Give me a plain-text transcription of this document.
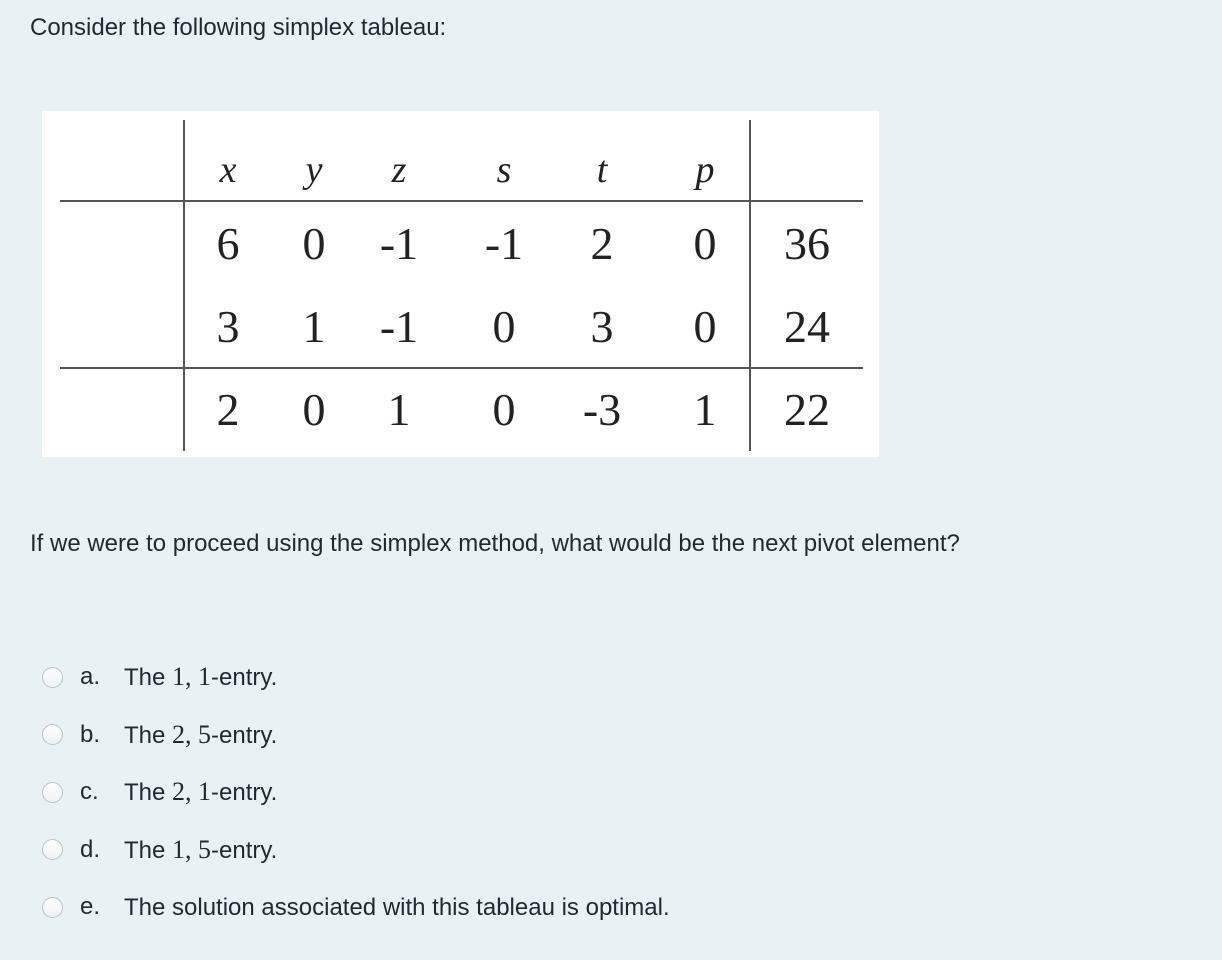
Consider the following simplex tableau:
x y z s t p
6 0 -1 -1 2 0 36
3 1 -1 0 3 0 24
2 0 1 0 -3 1 22

If we were to proceed using the simplex method, what would be the next pivot element?

a. The 1, 1-entry.
b. The 2, 5-entry.
c.	The 2, 1-entry.
d. The 1, 5-entry.
e. The solution associated with this tableau is optimal.
